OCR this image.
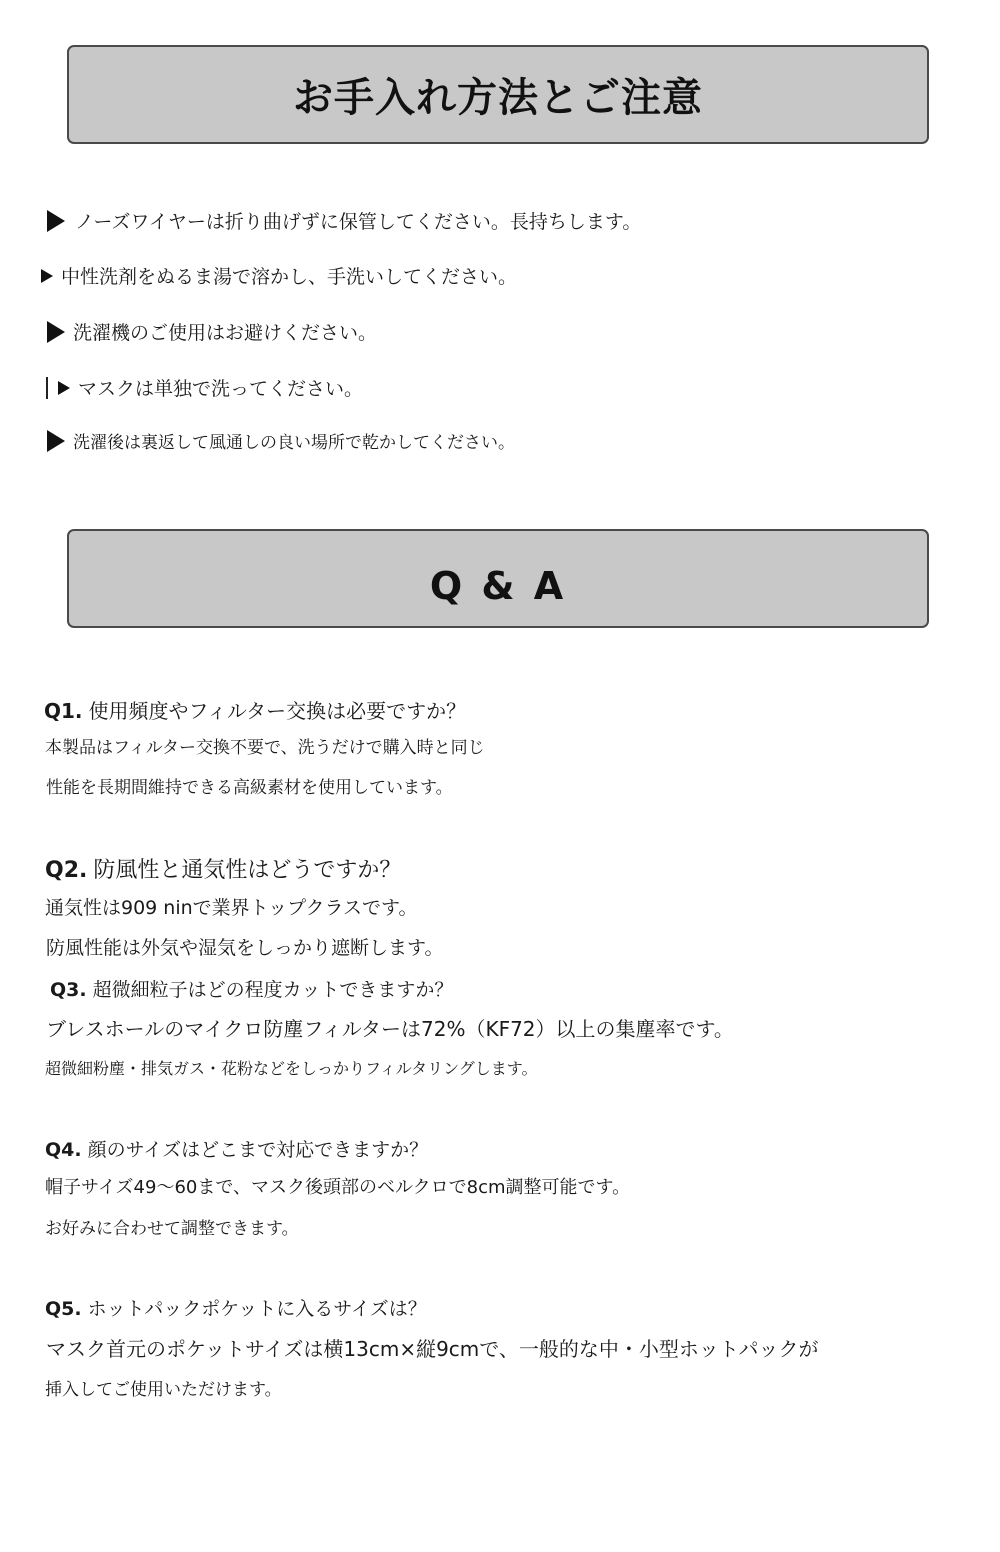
お手入れ方法とご注意
ノーズワイヤーは折り曲げずに保管してください。長持ちします。
中性洗剤をぬるま湯で溶かし、手洗いしてください。
洗濯機のご使用はお避けください。
マスクは単独で洗ってください。
洗濯後は裏返して風通しの良い場所で乾かしてください。
Q & A
Q1. 使用頻度やフィルター交換は必要ですか？
本製品はフィルター交換不要で、洗うだけで購入時と同じ
性能を長期間維持できる高級素材を使用しています。
Q2. 防風性と通気性はどうですか？
通気性は909 ninで業界トップクラスです。
防風性能は外気や湿気をしっかり遮断します。
Q3. 超微細粒子はどの程度カットできますか？
ブレスホールのマイクロ防塵フィルターは72%（KF72）以上の集塵率です。
超微細粉塵・排気ガス・花粉などをしっかりフィルタリングします。
Q4. 顔のサイズはどこまで対応できますか？
帽子サイズ49～60まで、マスク後頭部のベルクロで8cm調整可能です。
お好みに合わせて調整できます。
Q5. ホットパックポケットに入るサイズは？
マスク首元のポケットサイズは横13cm×縦9cmで、一般的な中・小型ホットパックが
挿入してご使用いただけます。
